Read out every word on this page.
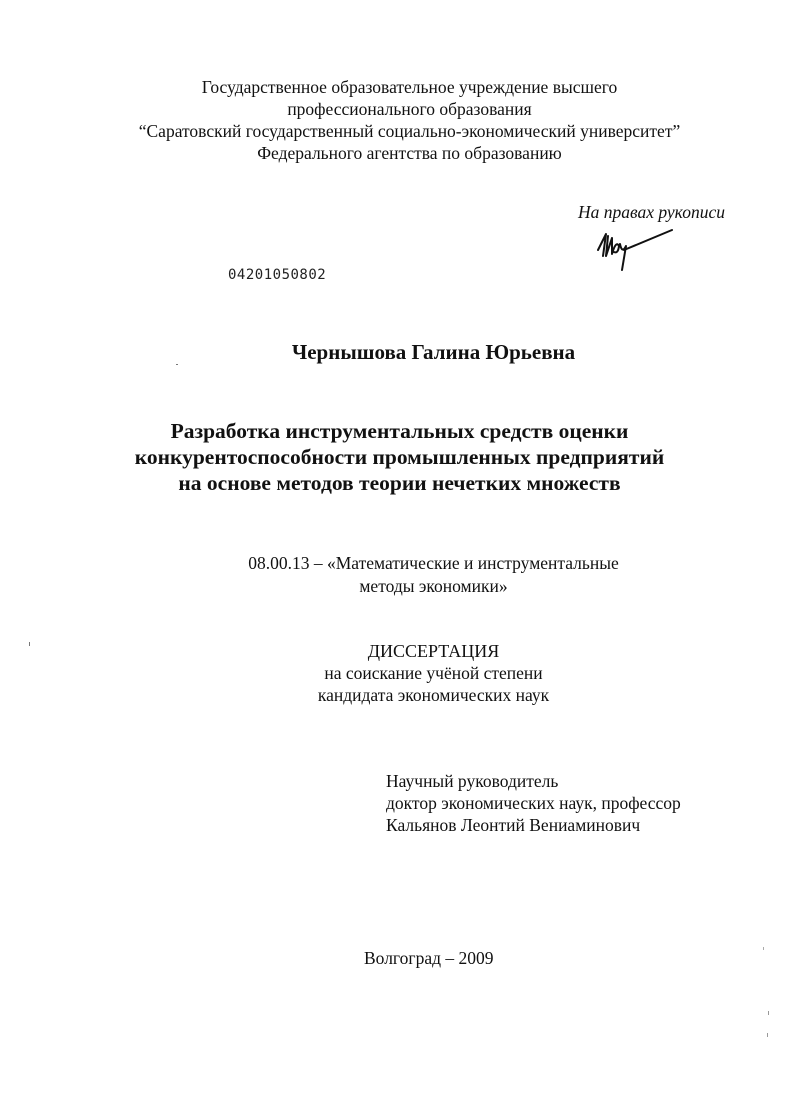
Государственное образовательное учреждение высшего
профессионального образования
“Саратовский государственный социально-экономический университет”
Федерального агентства по образованию
На правах рукописи
04201050802
Чернышова Галина Юрьевна
Разработка инструментальных средств оценки
конкурентоспособности промышленных предприятий
на основе методов теории нечетких множеств
08.00.13 – «Математические и инструментальные
методы экономики»
ДИССЕРТАЦИЯ
на соискание учёной степени
кандидата экономических наук
Научный руководитель
доктор экономических наук, профессор
Кальянов Леонтий Вениаминович
Волгоград – 2009
